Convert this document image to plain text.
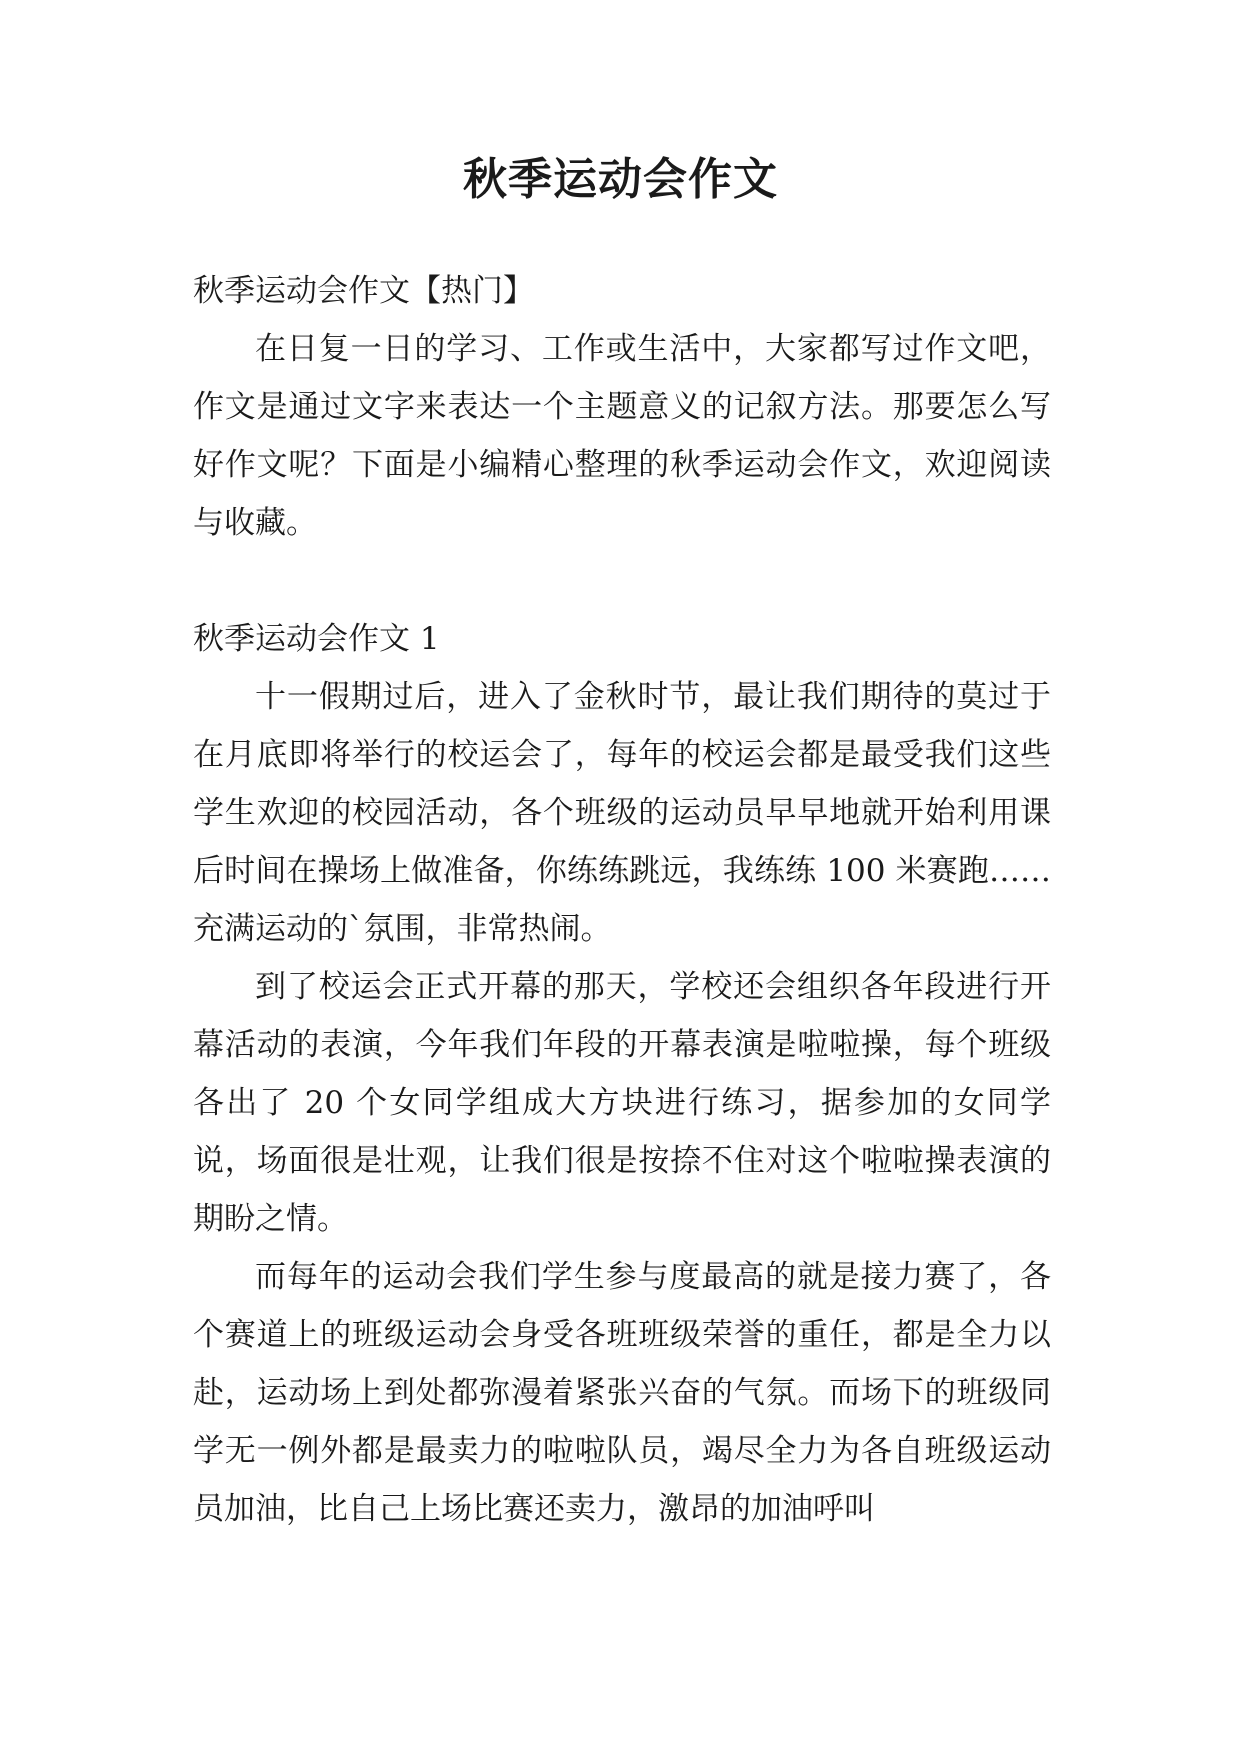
秋季运动会作文

秋季运动会作文【热门】

在日复一日的学习、工作或生活中，大家都写过作文吧，作文是通过文字来表达一个主题意义的记叙方法。那要怎么写好作文呢？下面是小编精心整理的秋季运动会作文，欢迎阅读与收藏。

秋季运动会作文 1

十一假期过后，进入了金秋时节，最让我们期待的莫过于在月底即将举行的校运会了，每年的校运会都是最受我们这些学生欢迎的校园活动，各个班级的运动员早早地就开始利用课后时间在操场上做准备，你练练跳远，我练练 100 米赛跑……充满运动的`氛围，非常热闹。

到了校运会正式开幕的那天，学校还会组织各年段进行开幕活动的表演，今年我们年段的开幕表演是啦啦操，每个班级各出了 20 个女同学组成大方块进行练习，据参加的女同学说，场面很是壮观，让我们很是按捺不住对这个啦啦操表演的期盼之情。

而每年的运动会我们学生参与度最高的就是接力赛了，各个赛道上的班级运动会身受各班班级荣誉的重任，都是全力以赴，运动场上到处都弥漫着紧张兴奋的气氛。而场下的班级同学无一例外都是最卖力的啦啦队员，竭尽全力为各自班级运动员加油，比自己上场比赛还卖力，激昂的加油呼叫
